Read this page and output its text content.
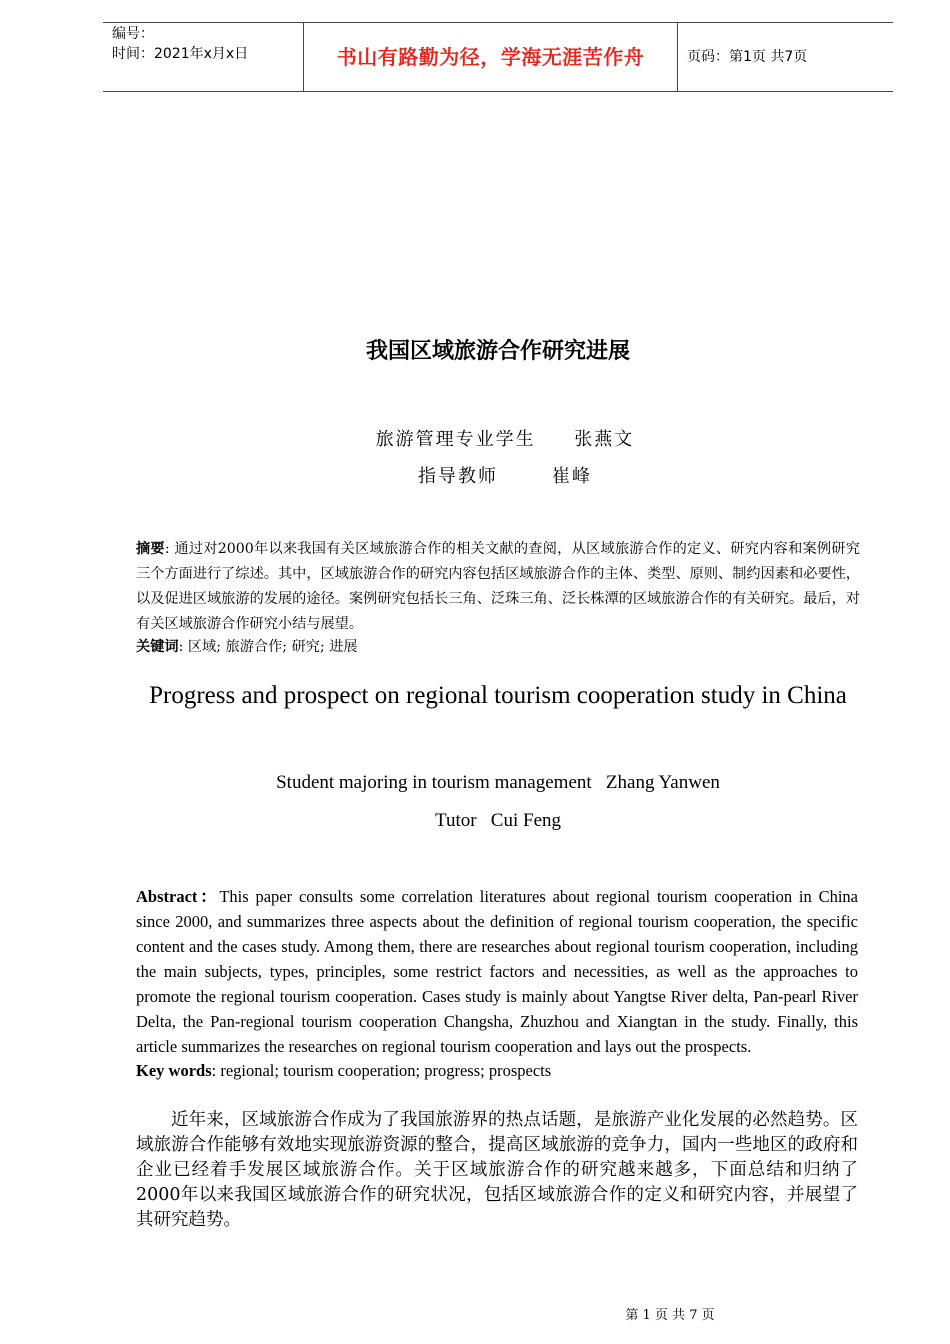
编号：
时间：2021年x月x日	书山有路勤为径，学海无涯苦作舟	页码：第1页 共7页
我国区域旅游合作研究进展
旅游管理专业学生     张燕文
指导教师       崔峰
摘要: 通过对2000年以来我国有关区域旅游合作的相关文献的查阅，从区域旅游合作的定义、研究内容和案例研究三个方面进行了综述。其中，区域旅游合作的研究内容包括区域旅游合作的主体、类型、原则、制约因素和必要性，以及促进区域旅游的发展的途径。案例研究包括长三角、泛珠三角、泛长株潭的区域旅游合作的有关研究。最后，对有关区域旅游合作研究小结与展望。
关键词: 区域; 旅游合作; 研究; 进展
Progress and prospect on regional tourism cooperation study in China
Student majoring in tourism management   Zhang Yanwen
Tutor   Cui Feng
Abstract：This paper consults some correlation literatures about regional tourism cooperation in China since 2000, and summarizes three aspects about the definition of regional tourism cooperation, the specific content and the cases study. Among them, there are researches about regional tourism cooperation, including the main subjects, types, principles, some restrict factors and necessities, as well as the approaches to promote the regional tourism cooperation. Cases study is mainly about Yangtse River delta, Pan-pearl River Delta, the Pan-regional tourism cooperation Changsha, Zhuzhou and Xiangtan in the study. Finally, this article summarizes the researches on regional tourism cooperation and lays out the prospects.
Key words: regional; tourism cooperation; progress; prospects
近年来，区域旅游合作成为了我国旅游界的热点话题，是旅游产业化发展的必然趋势。区域旅游合作能够有效地实现旅游资源的整合，提高区域旅游的竞争力，国内一些地区的政府和企业已经着手发展区域旅游合作。关于区域旅游合作的研究越来越多，下面总结和归纳了2000年以来我国区域旅游合作的研究状况，包括区域旅游合作的定义和研究内容，并展望了其研究趋势。
第 1 页 共 7 页
